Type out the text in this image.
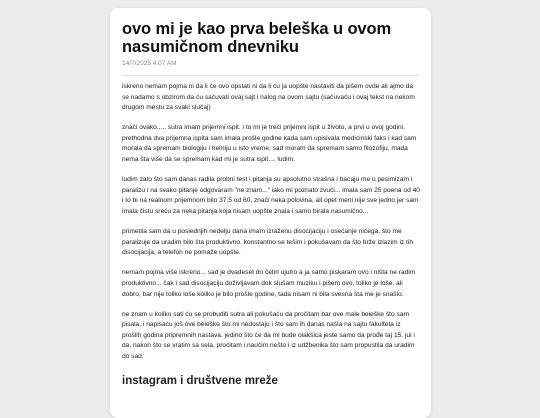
ovo mi je kao prva beleška u ovom nasumičnom dnevniku
14/7/2025 4:07 AM

iskreno nemam pojma ni da li će ovo opstati ni da li ću ja uopšte nastaviti da pišem ovde ali ajmo da se nadamo s obzirom da ću sačuvati ovaj sajt i nalog na ovom sajtu (sačuvaću i ovaj tekst na nekom drugom mestu za svaki slučaj)

znači ovako..... sutra imam prijemni ispit. i to mi je treći prijemni ispit u životu, a prvi u ovoj godini. prethodna dva prijemna ispita sam imala prošle godine kada sam upisivala medicinski faks i kad sam morala da spremam biologiju i hemiju u isto vreme. sad moram da spremam samo filozofiju, mada nema šta više da se spremam kad mi je sutra ispit.... ludim.

ludim zato što sam danas radila probni test i pitanja su apsolutno strašna i bacaju me u pesimizam i paralizu i na svako pitanje odgovaram "ne znam..." iako mi poznato zvuči... imala sam 25 poena od 40 i to bi na realnom prijemnom bilo 37,5 od 60, znači neka polovina, ali opet meni nije sve jedno jer sam imala čistu sreću za neka pitanja koja nisam uopšte znala i samo birala nasumično...

primetila sam da u poslednjih nedelju dana imam izraženu disocijaciju i osećanje ničega, što me paralizuje da uradim bilo šta produktivno. konstantno se tešim i pokušavam da što brže izlazim iz tih disocijacija, a telefon ne pomaže uopšte.

nemam pojma više iskreno... sad je dvadeset do četiri ujutro a ja samo piskaram ovo i ništa ne radim produktivno... čak i sad disocijaciju doživljavam dok slušam muziku i pišem ovo, toliko je loše. ali dobro, bar nije toliko loše koliko je bilo prošle godine, tada nisam ni bila svesna šta me je snašlo.

ne znam u koliko sati ću se probuditi sutra ali pokušaću da pročitam bar ove male beleške što sam pisala, i napisaću još ove beleške što mi nedostaju i što sam ih danas našla na sajtu fakulteta iz prošlih godina pripremnih nastava. jedino što će da mi bude olakšica jeste samo da prođe taj 15. jul i da, nakon što se vratim sa sela, pročitam i naučim nešto i iz udžbenika što sam propustila da uradim do sad.

instagram i društvene mreže
